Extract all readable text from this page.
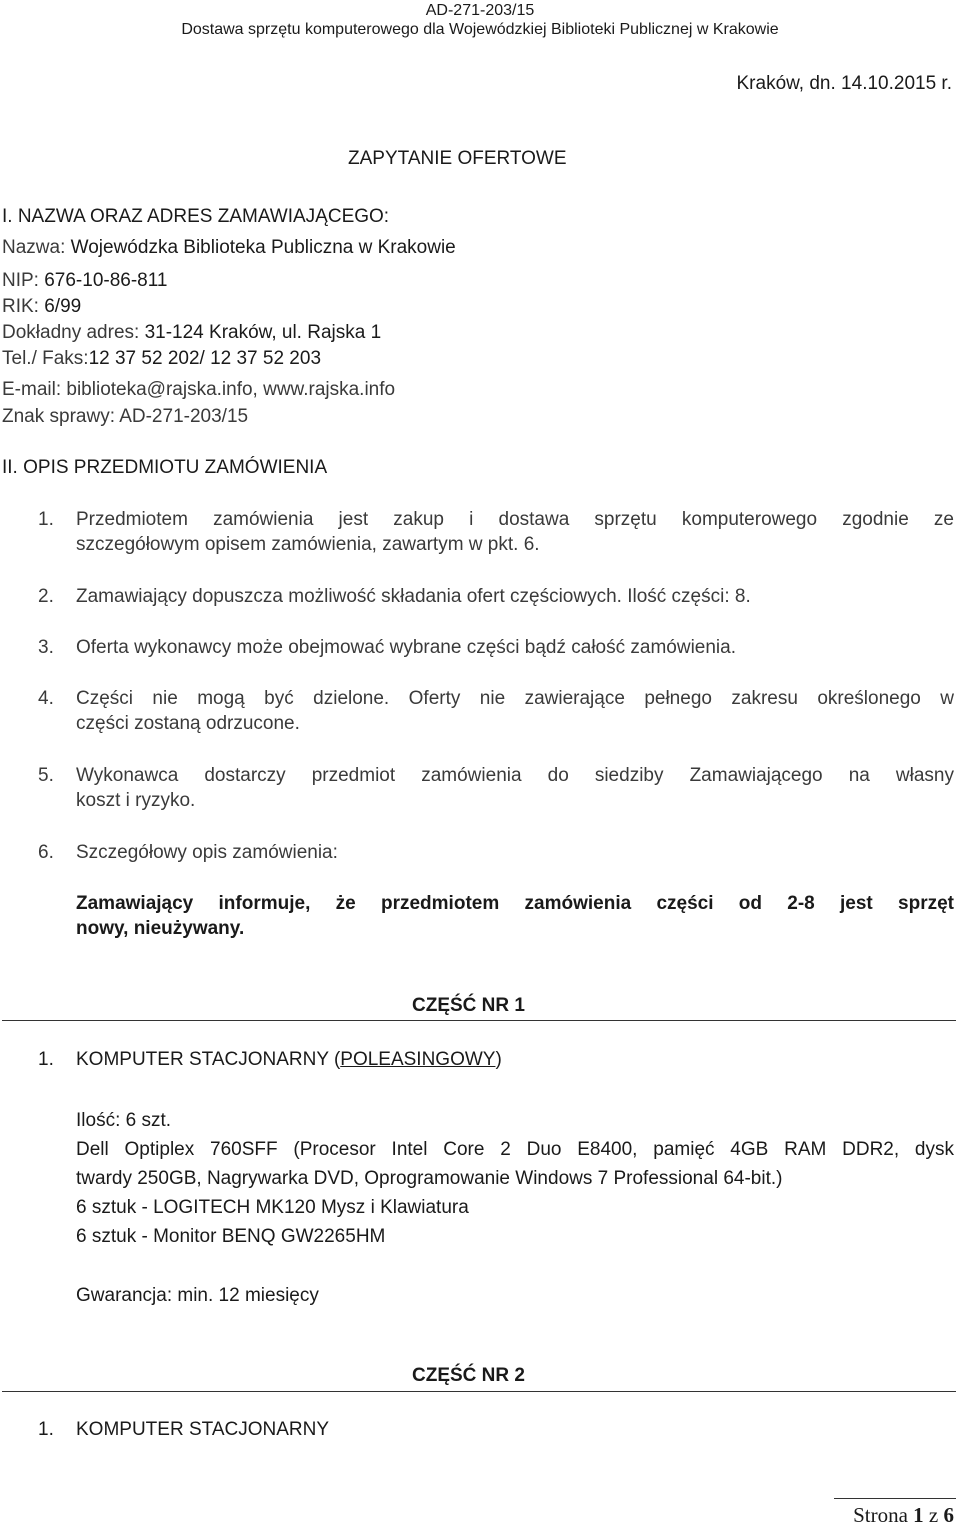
AD-271-203/15
Dostawa sprzętu komputerowego dla Wojewódzkiej Biblioteki Publicznej w Krakowie
Kraków, dn. 14.10.2015 r.
ZAPYTANIE OFERTOWE
I. NAZWA ORAZ ADRES ZAMAWIAJĄCEGO:
Nazwa: Wojewódzka Biblioteka Publiczna w Krakowie
NIP: 676-10-86-811
RIK: 6/99
Dokładny adres: 31-124 Kraków, ul. Rajska 1
Tel./ Faks:12 37 52 202/ 12 37 52 203
E-mail: biblioteka@rajska.info, www.rajska.info
Znak sprawy: AD-271-203/15
II. OPIS PRZEDMIOTU ZAMÓWIENIA
1. Przedmiotem zamówienia jest zakup i dostawa sprzętu komputerowego zgodnie ze
szczegółowym opisem zamówienia, zawartym w pkt. 6.
2. Zamawiający dopuszcza możliwość składania ofert częściowych. Ilość części: 8.
3. Oferta wykonawcy może obejmować wybrane części bądź całość zamówienia.
4. Części nie mogą być dzielone. Oferty nie zawierające pełnego zakresu określonego w
części zostaną odrzucone.
5. Wykonawca dostarczy przedmiot zamówienia do siedziby Zamawiającego na własny
koszt i ryzyko.
6. Szczegółowy opis zamówienia:
Zamawiający informuje, że przedmiotem zamówienia części od 2-8 jest sprzęt
nowy, nieużywany.
CZĘŚĆ NR 1
1. KOMPUTER STACJONARNY (POLEASINGOWY)
Ilość: 6 szt.
Dell Optiplex 760SFF (Procesor Intel Core 2 Duo E8400, pamięć 4GB RAM DDR2, dysk
twardy 250GB, Nagrywarka DVD, Oprogramowanie Windows 7 Professional 64-bit.)
6 sztuk - LOGITECH MK120 Mysz i Klawiatura
6 sztuk - Monitor BENQ GW2265HM
Gwarancja: min. 12 miesięcy
CZĘŚĆ NR 2
1. KOMPUTER STACJONARNY
Strona 1 z 6
